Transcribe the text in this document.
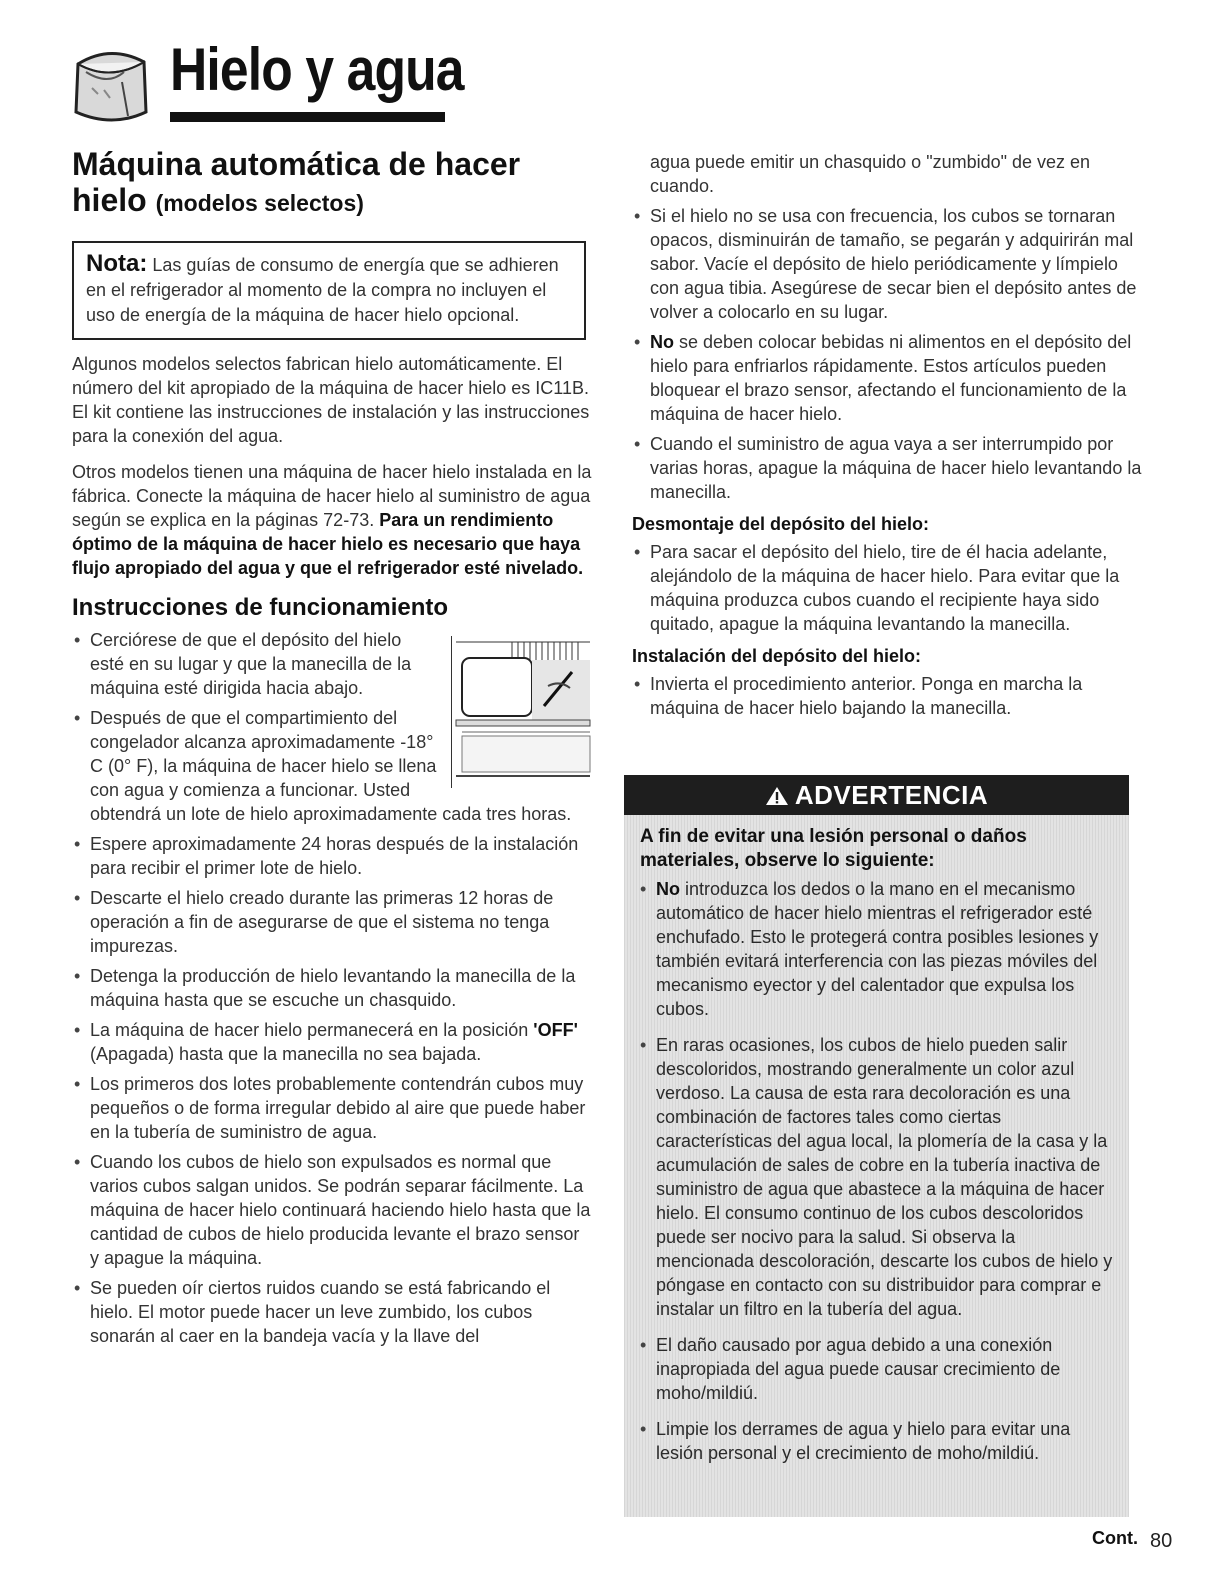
Hielo y agua
Máquina automática de hacer hielo (modelos selectos)
Nota: Las guías de consumo de energía que se adhieren en el refrigerador al momento de la compra no incluyen el uso de energía de la máquina de hacer hielo opcional.

Algunos modelos selectos fabrican hielo automáticamente. El número del kit apropiado de la máquina de hacer hielo es IC11B. El kit contiene las instrucciones de instalación y las instrucciones para la conexión del agua.

Otros modelos tienen una máquina de hacer hielo instalada en la fábrica. Conecte la máquina de hacer hielo al suministro de agua según se explica en la páginas 72-73. Para un rendimiento óptimo de la máquina de hacer hielo es necesario que haya flujo apropiado del agua y que el refrigerador esté nivelado.

Instrucciones de funcionamiento
• Cerciórese de que el depósito del hielo esté en su lugar y que la manecilla de la máquina esté dirigida hacia abajo.
• Después de que el compartimiento del congelador alcanza aproximadamente -18° C (0° F), la máquina de hacer hielo se llena con agua y comienza a funcionar. Usted obtendrá un lote de hielo aproximadamente cada tres horas.
• Espere aproximadamente 24 horas después de la instalación para recibir el primer lote de hielo.
• Descarte el hielo creado durante las primeras 12 horas de operación a fin de asegurarse de que el sistema no tenga impurezas.
• Detenga la producción de hielo levantando la manecilla de la máquina hasta que se escuche un chasquido.
• La máquina de hacer hielo permanecerá en la posición 'OFF' (Apagada) hasta que la manecilla no sea bajada.
• Los primeros dos lotes probablemente contendrán cubos muy pequeños o de forma irregular debido al aire que puede haber en la tubería de suministro de agua.
• Cuando los cubos de hielo son expulsados es normal que varios cubos salgan unidos. Se podrán separar fácilmente. La máquina de hacer hielo continuará haciendo hielo hasta que la cantidad de cubos de hielo producida levante el brazo sensor y apague la máquina.
• Se pueden oír ciertos ruidos cuando se está fabricando el hielo. El motor puede hacer un leve zumbido, los cubos sonarán al caer en la bandeja vacía y la llave del
agua puede emitir un chasquido o "zumbido" de vez en cuando.
• Si el hielo no se usa con frecuencia, los cubos se tornaran opacos, disminuirán de tamaño, se pegarán y adquirirán mal sabor. Vacíe el depósito de hielo periódicamente y límpielo con agua tibia. Asegúrese de secar bien el depósito antes de volver a colocarlo en su lugar.
• No se deben colocar bebidas ni alimentos en el depósito del hielo para enfriarlos rápidamente. Estos artículos pueden bloquear el brazo sensor, afectando el funcionamiento de la máquina de hacer hielo.
• Cuando el suministro de agua vaya a ser interrumpido por varias horas, apague la máquina de hacer hielo levantando la manecilla.
Desmontaje del depósito del hielo:
• Para sacar el depósito del hielo, tire de él hacia adelante, alejándolo de la máquina de hacer hielo. Para evitar que la máquina produzca cubos cuando el recipiente haya sido quitado, apague la máquina levantando la manecilla.
Instalación del depósito del hielo:
• Invierta el procedimiento anterior. Ponga en marcha la máquina de hacer hielo bajando la manecilla.
ADVERTENCIA
A fin de evitar una lesión personal o daños materiales, observe lo siguiente:
• No introduzca los dedos o la mano en el mecanismo automático de hacer hielo mientras el refrigerador esté enchufado. Esto le protegerá contra posibles lesiones y también evitará interferencia con las piezas móviles del mecanismo eyector y del calentador que expulsa los cubos.
• En raras ocasiones, los cubos de hielo pueden salir descoloridos, mostrando generalmente un color azul verdoso. La causa de esta rara decoloración es una combinación de factores tales como ciertas características del agua local, la plomería de la casa y la acumulación de sales de cobre en la tubería inactiva de suministro de agua que abastece a la máquina de hacer hielo. El consumo continuo de los cubos descoloridos puede ser nocivo para la salud. Si observa la mencionada descoloración, descarte los cubos de hielo y póngase en contacto con su distribuidor para comprar e instalar un filtro en la tubería del agua.
• El daño causado por agua debido a una conexión inapropiada del agua puede causar crecimiento de moho/mildiú.
• Limpie los derrames de agua y hielo para evitar una lesión personal y el crecimiento de moho/mildiú.
Cont. 80
